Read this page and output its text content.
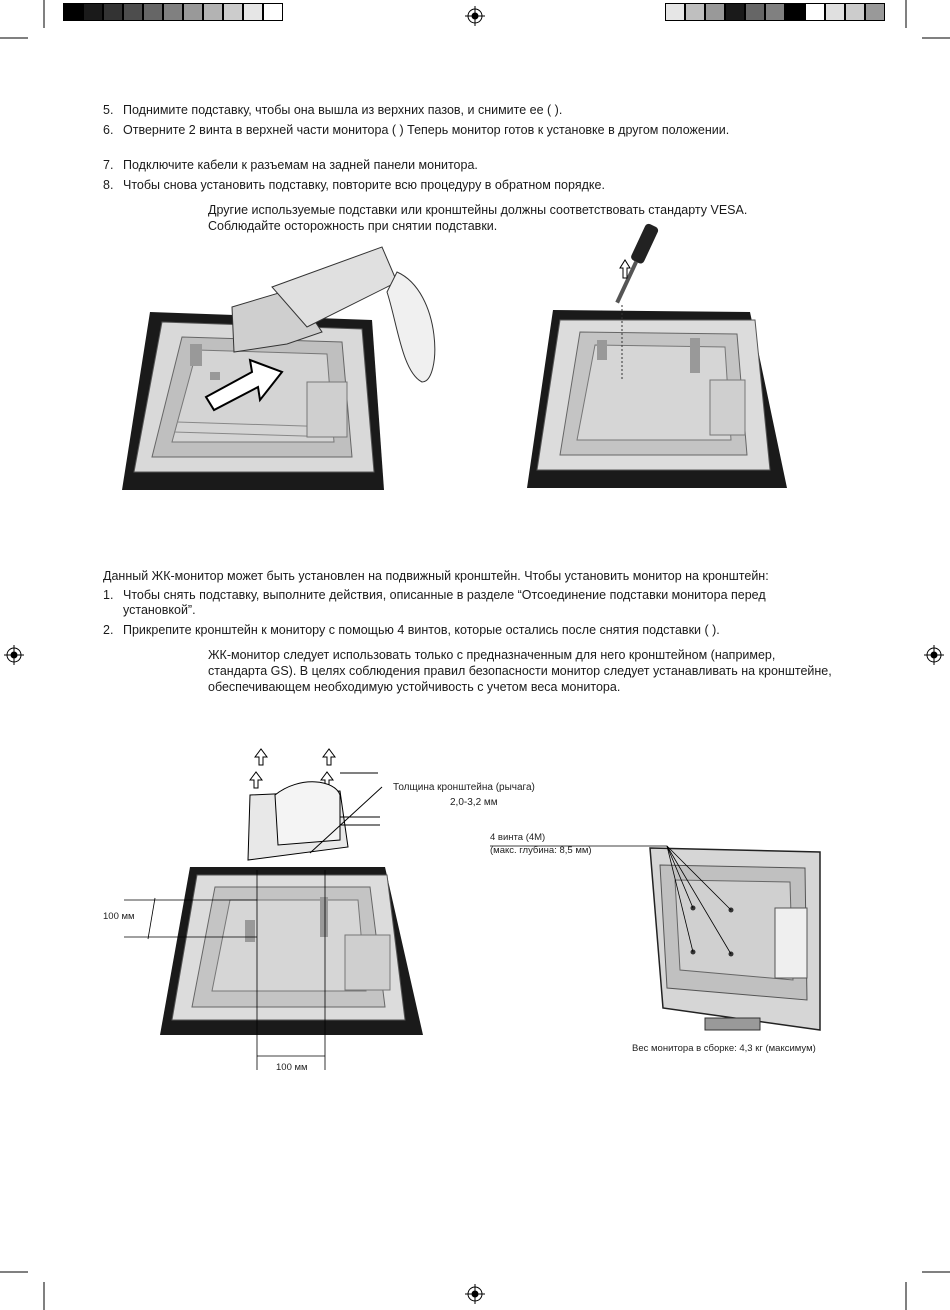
5. Поднимите подставку, чтобы она вышла из верхних пазов, и снимите ее ( ).
6. Отверните 2 винта в верхней части монитора ( ) Теперь монитор готов к установке в другом положении.
7. Подключите кабели к разъемам на задней панели монитора.
8. Чтобы снова установить подставку, повторите всю процедуру в обратном порядке.
Другие используемые подставки или кронштейны должны соответствовать стандарту VESA. Соблюдайте осторожность при снятии подставки.
Данный ЖК-монитор может быть установлен на подвижный кронштейн. Чтобы установить монитор на кронштейн:
1. Чтобы снять подставку, выполните действия, описанные в разделе “Отсоединение подставки монитора перед установкой”.
2. Прикрепите кронштейн к монитору с помощью 4 винтов, которые остались после снятия подставки ( ).
ЖК-монитор следует использовать только с предназначенным для него кронштейном (например, стандарта GS). В целях соблюдения правил безопасности монитор следует устанавливать на кронштейне, обеспечивающем необходимую устойчивость с учетом веса монитора.
Толщина кронштейна (рычага)
2,0-3,2 мм
4 винта (4М)
(макс. глубина: 8,5 мм)
100 мм
100 мм
Вес монитора в сборке: 4,3 кг (максимум)
